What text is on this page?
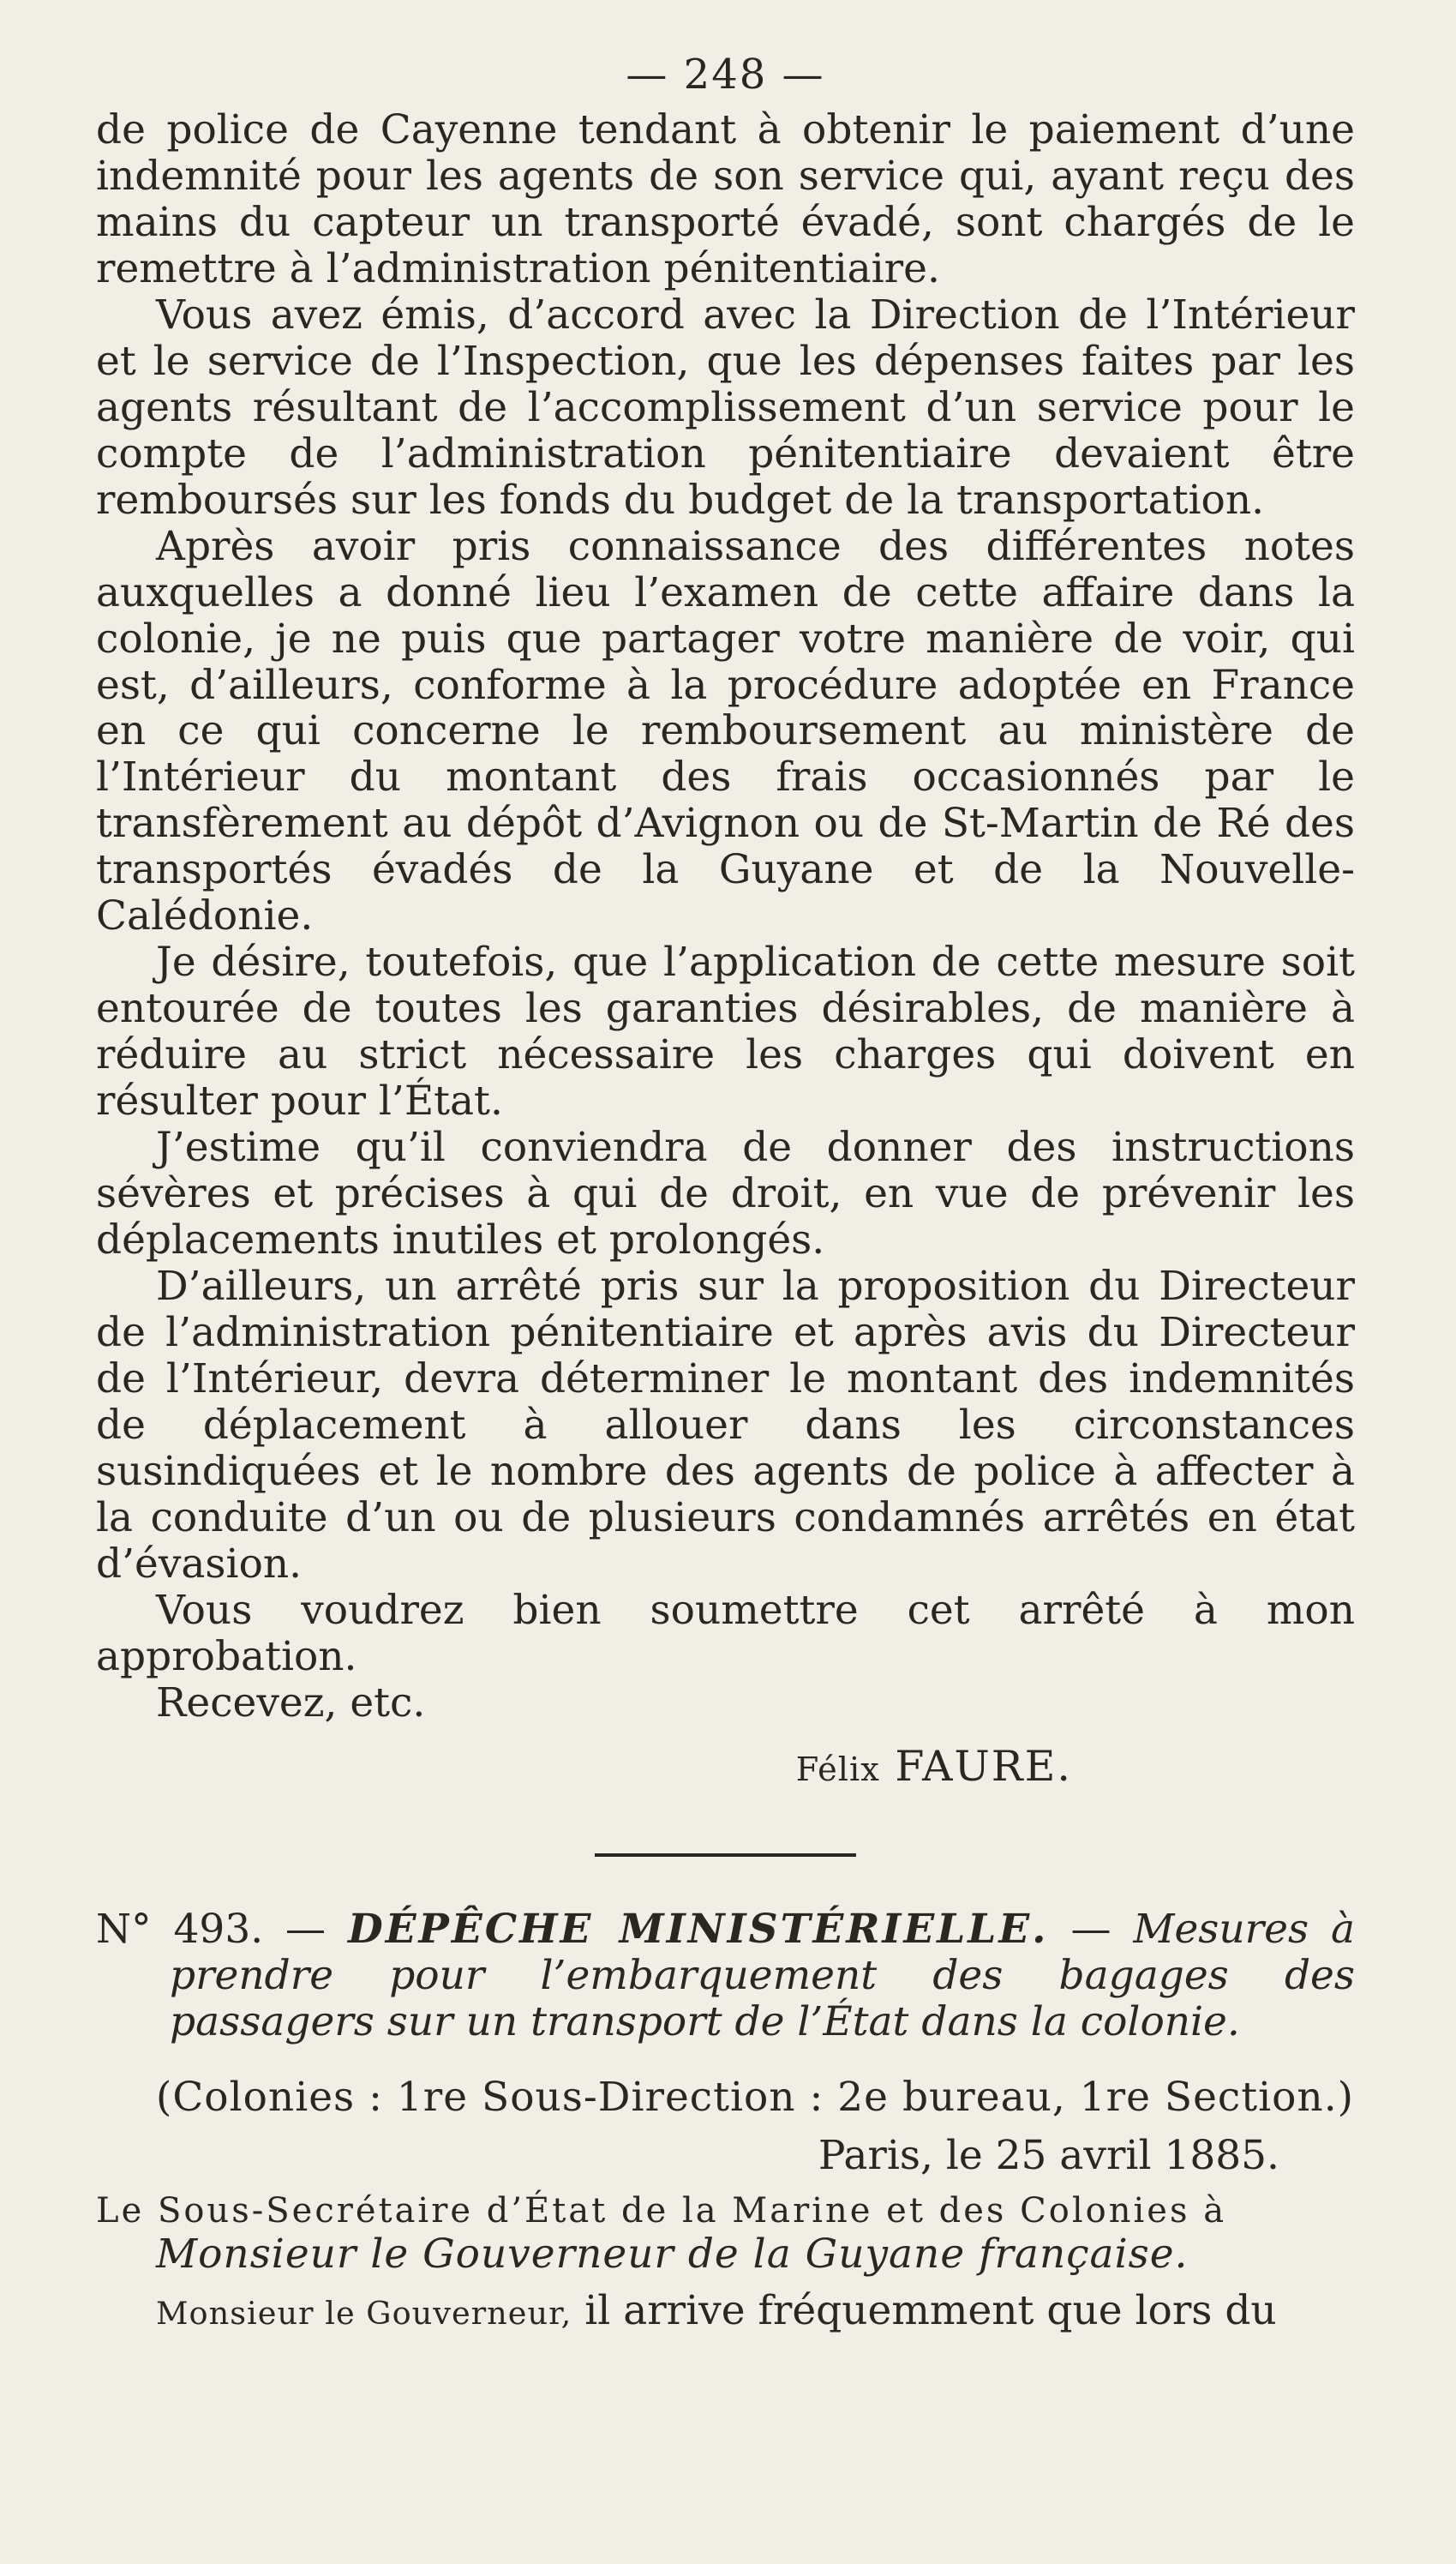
— 248 —

de police de Cayenne tendant à obtenir le paiement d’une indemnité pour les agents de son service qui, ayant reçu des mains du capteur un transporté évadé, sont chargés de le remettre à l’administration pénitentiaire.

Vous avez émis, d’accord avec la Direction de l’Intérieur et le service de l’Inspection, que les dépenses faites par les agents résultant de l’accomplissement d’un service pour le compte de l’administration pénitentiaire devaient être remboursés sur les fonds du budget de la transportation.

Après avoir pris connaissance des différentes notes auxquelles a donné lieu l’examen de cette affaire dans la colonie, je ne puis que partager votre manière de voir, qui est, d’ailleurs, conforme à la procédure adoptée en France en ce qui concerne le remboursement au ministère de l’Intérieur du montant des frais occasionnés par le transfèrement au dépôt d’Avignon ou de St-Martin de Ré des transportés évadés de la Guyane et de la Nouvelle-Calédonie.

Je désire, toutefois, que l’application de cette mesure soit entourée de toutes les garanties désirables, de manière à réduire au strict nécessaire les charges qui doivent en résulter pour l’État.

J’estime qu’il conviendra de donner des instructions sévères et précises à qui de droit, en vue de prévenir les déplacements inutiles et prolongés.

D’ailleurs, un arrêté pris sur la proposition du Directeur de l’administration pénitentiaire et après avis du Directeur de l’Intérieur, devra déterminer le montant des indemnités de déplacement à allouer dans les circonstances susindiquées et le nombre des agents de police à affecter à la conduite d’un ou de plusieurs condamnés arrêtés en état d’évasion.

Vous voudrez bien soumettre cet arrêté à mon approbation.

Recevez, etc.

Félix FAURE.

N° 493. — DÉPÊCHE MINISTÉRIELLE. — Mesures à prendre pour l’embarquement des bagages des passagers sur un transport de l’État dans la colonie.

(Colonies : 1re Sous-Direction : 2e bureau, 1re Section.)

Paris, le 25 avril 1885.

Le Sous-Secrétaire d’État de la Marine et des Colonies à

Monsieur le Gouverneur de la Guyane française.

Monsieur le Gouverneur, il arrive fréquemment que lors du
